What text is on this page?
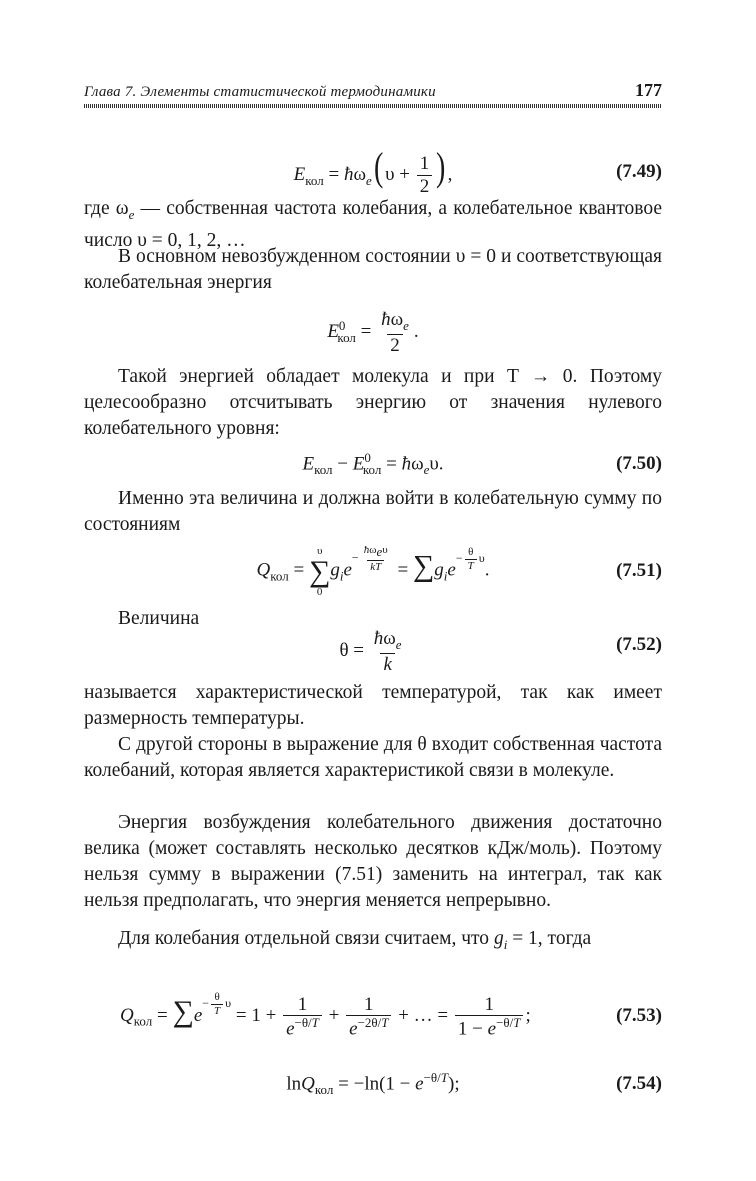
Глава 7. Элементы статистической термодинамики	177
$E_{кол}$ = $ħ\omega_e$( $\upsilon + \frac{1}{2}$ ) ,	(7.49)

где $\omega_e$ — собственная частота колебания, а колебательное квантовое число υ = 0, 1, 2, …

В основном невозбужденном состоянии υ = 0 и соответствующая колебательная энергия

$E^0_{кол} = \frac{ħ\omega_e}{2}$ .

Такой энергией обладает молекула и при T → 0. Поэтому целесообразно отсчитывать энергию от значения нулевого колебательного уровня:

$E_{кол} - E^0_{кол}$ = $ħ\omega_e\upsilon$.	(7.50)

Именно эта величина и должна войти в колебательную сумму по состояниям

$Q_{кол}$ =
υ
∑
0
$g_ie- \frac{ħ\omega_e\upsilon}{kT} = \sum g_ie- \frac{\theta}{T} \upsilon$.	(7.51)

Величина

$\theta = \frac{ħ\omega_e}{k}$	(7.52)

называется характеристической температурой, так как имеет размерность температуры.

С другой стороны в выражение для θ входит собственная частота колебаний, которая является характеристикой связи в молекуле.

Энергия возбуждения колебательного движения достаточно велика (может составлять несколько десятков кДж/моль). Поэтому нельзя сумму в выражении (7.51) заменить на интеграл, так как нельзя предполагать, что энергия меняется непрерывно.

Для колебания отдельной связи считаем, что $g_i = 1$, тогда

$Q_{кол} = \sum e- \frac{\theta}{T}$ $\upsilon = 1 + \frac{1}{e^{-\theta/T}} + \frac{1}{e^{-2\theta/T}}$ + … = $\frac{1}{1 - e^{-\theta/T}}$ ;	(7.53)
$\ln Q_{кол} = -\ln(1 - e^{-\theta/T})$;	(7.54)
